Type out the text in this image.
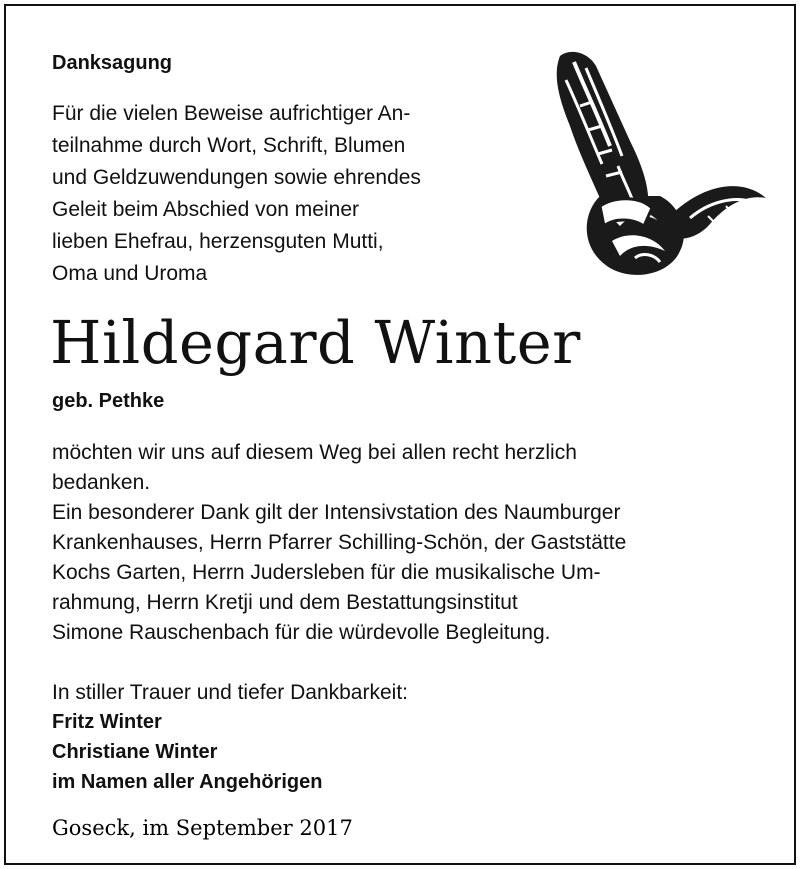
Danksagung
Für die vielen Beweise aufrichtiger An-
teilnahme durch Wort, Schrift, Blumen
und Geldzuwendungen sowie ehrendes
Geleit beim Abschied von meiner
lieben Ehefrau, herzensguten Mutti,
Oma und Uroma
Hildegard Winter
geb. Pethke
möchten wir uns auf diesem Weg bei allen recht herzlich
bedanken.
Ein besonderer Dank gilt der Intensivstation des Naumburger
Krankenhauses, Herrn Pfarrer Schilling-Schön, der Gaststätte
Kochs Garten, Herrn Judersleben für die musikalische Um-
rahmung, Herrn Kretji und dem Bestattungsinstitut
Simone Rauschenbach für die würdevolle Begleitung.
In stiller Trauer und tiefer Dankbarkeit:
Fritz Winter
Christiane Winter
im Namen aller Angehörigen
Goseck, im September 2017
